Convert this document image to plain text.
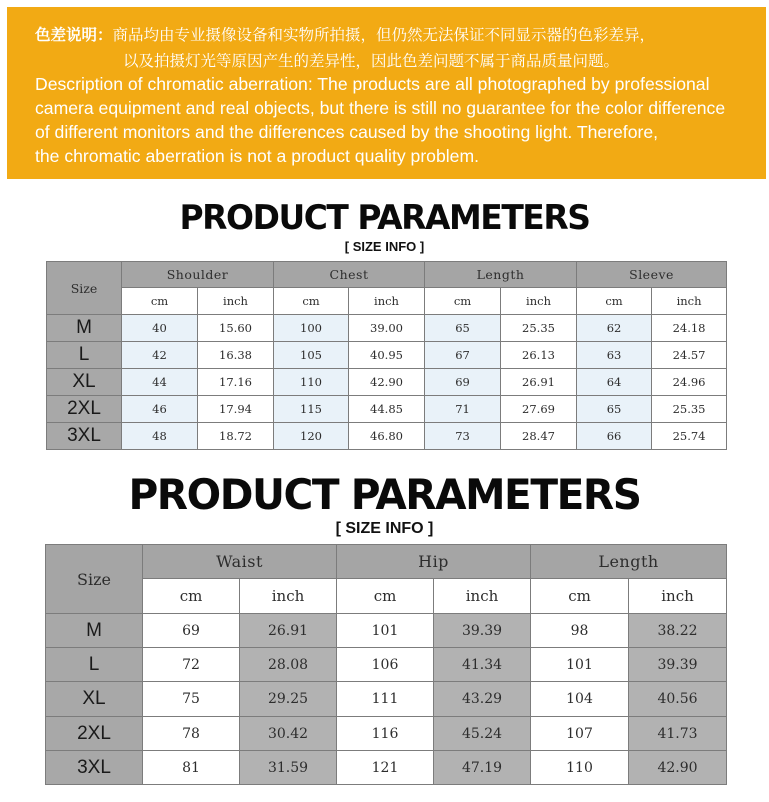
色差说明：商品均由专业摄像设备和实物所拍摄，但仍然无法保证不同显示器的色彩差异，
以及拍摄灯光等原因产生的差异性，因此色差问题不属于商品质量问题。
Description of chromatic aberration: The products are all photographed by professional
camera equipment and real objects, but there is still no guarantee for the color difference
of different monitors and the differences caused by the shooting light. Therefore,
the chromatic aberration is not a product quality problem.
PRODUCT PARAMETERS
[ SIZE INFO ]
Size	Shoulder		Chest		Length		Sleeve	
	cm	inch	cm	inch	cm	inch	cm	inch
M	40	15.60	100	39.00	65	25.35	62	24.18
L	42	16.38	105	40.95	67	26.13	63	24.57
XL	44	17.16	110	42.90	69	26.91	64	24.96
2XL	46	17.94	115	44.85	71	27.69	65	25.35
3XL	48	18.72	120	46.80	73	28.47	66	25.74
PRODUCT PARAMETERS
[ SIZE INFO ]
Size	Waist		Hip		Length	
	cm	inch	cm	inch	cm	inch
M	69	26.91	101	39.39	98	38.22
L	72	28.08	106	41.34	101	39.39
XL	75	29.25	111	43.29	104	40.56
2XL	78	30.42	116	45.24	107	41.73
3XL	81	31.59	121	47.19	110	42.90
